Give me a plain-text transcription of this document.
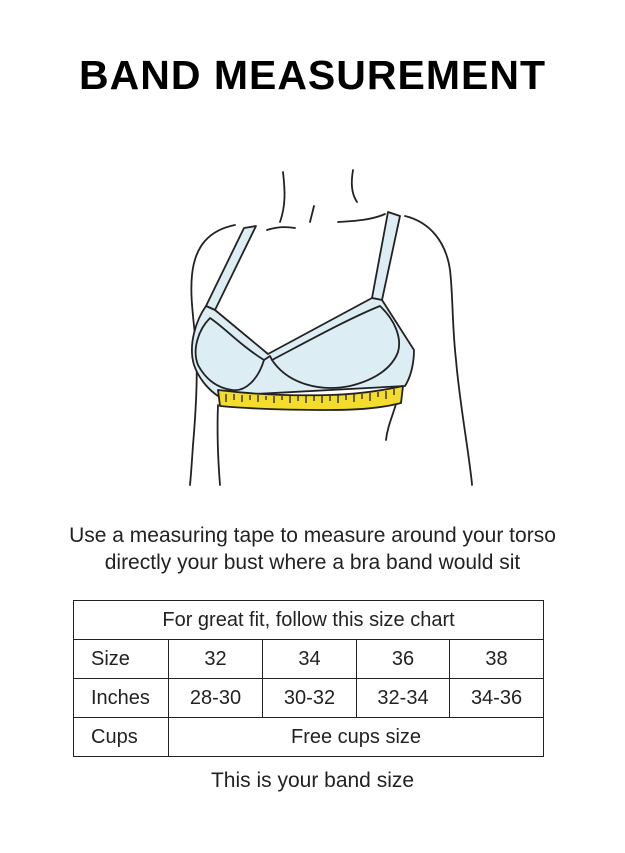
BAND MEASUREMENT
Use a measuring tape to measure around your torso
directly your bust where a bra band would sit
For great fit, follow this size chart				
Size	32	34	36	38
Inches	28-30	30-32	32-34	34-36
Cups	Free cups size			
This is your band size
